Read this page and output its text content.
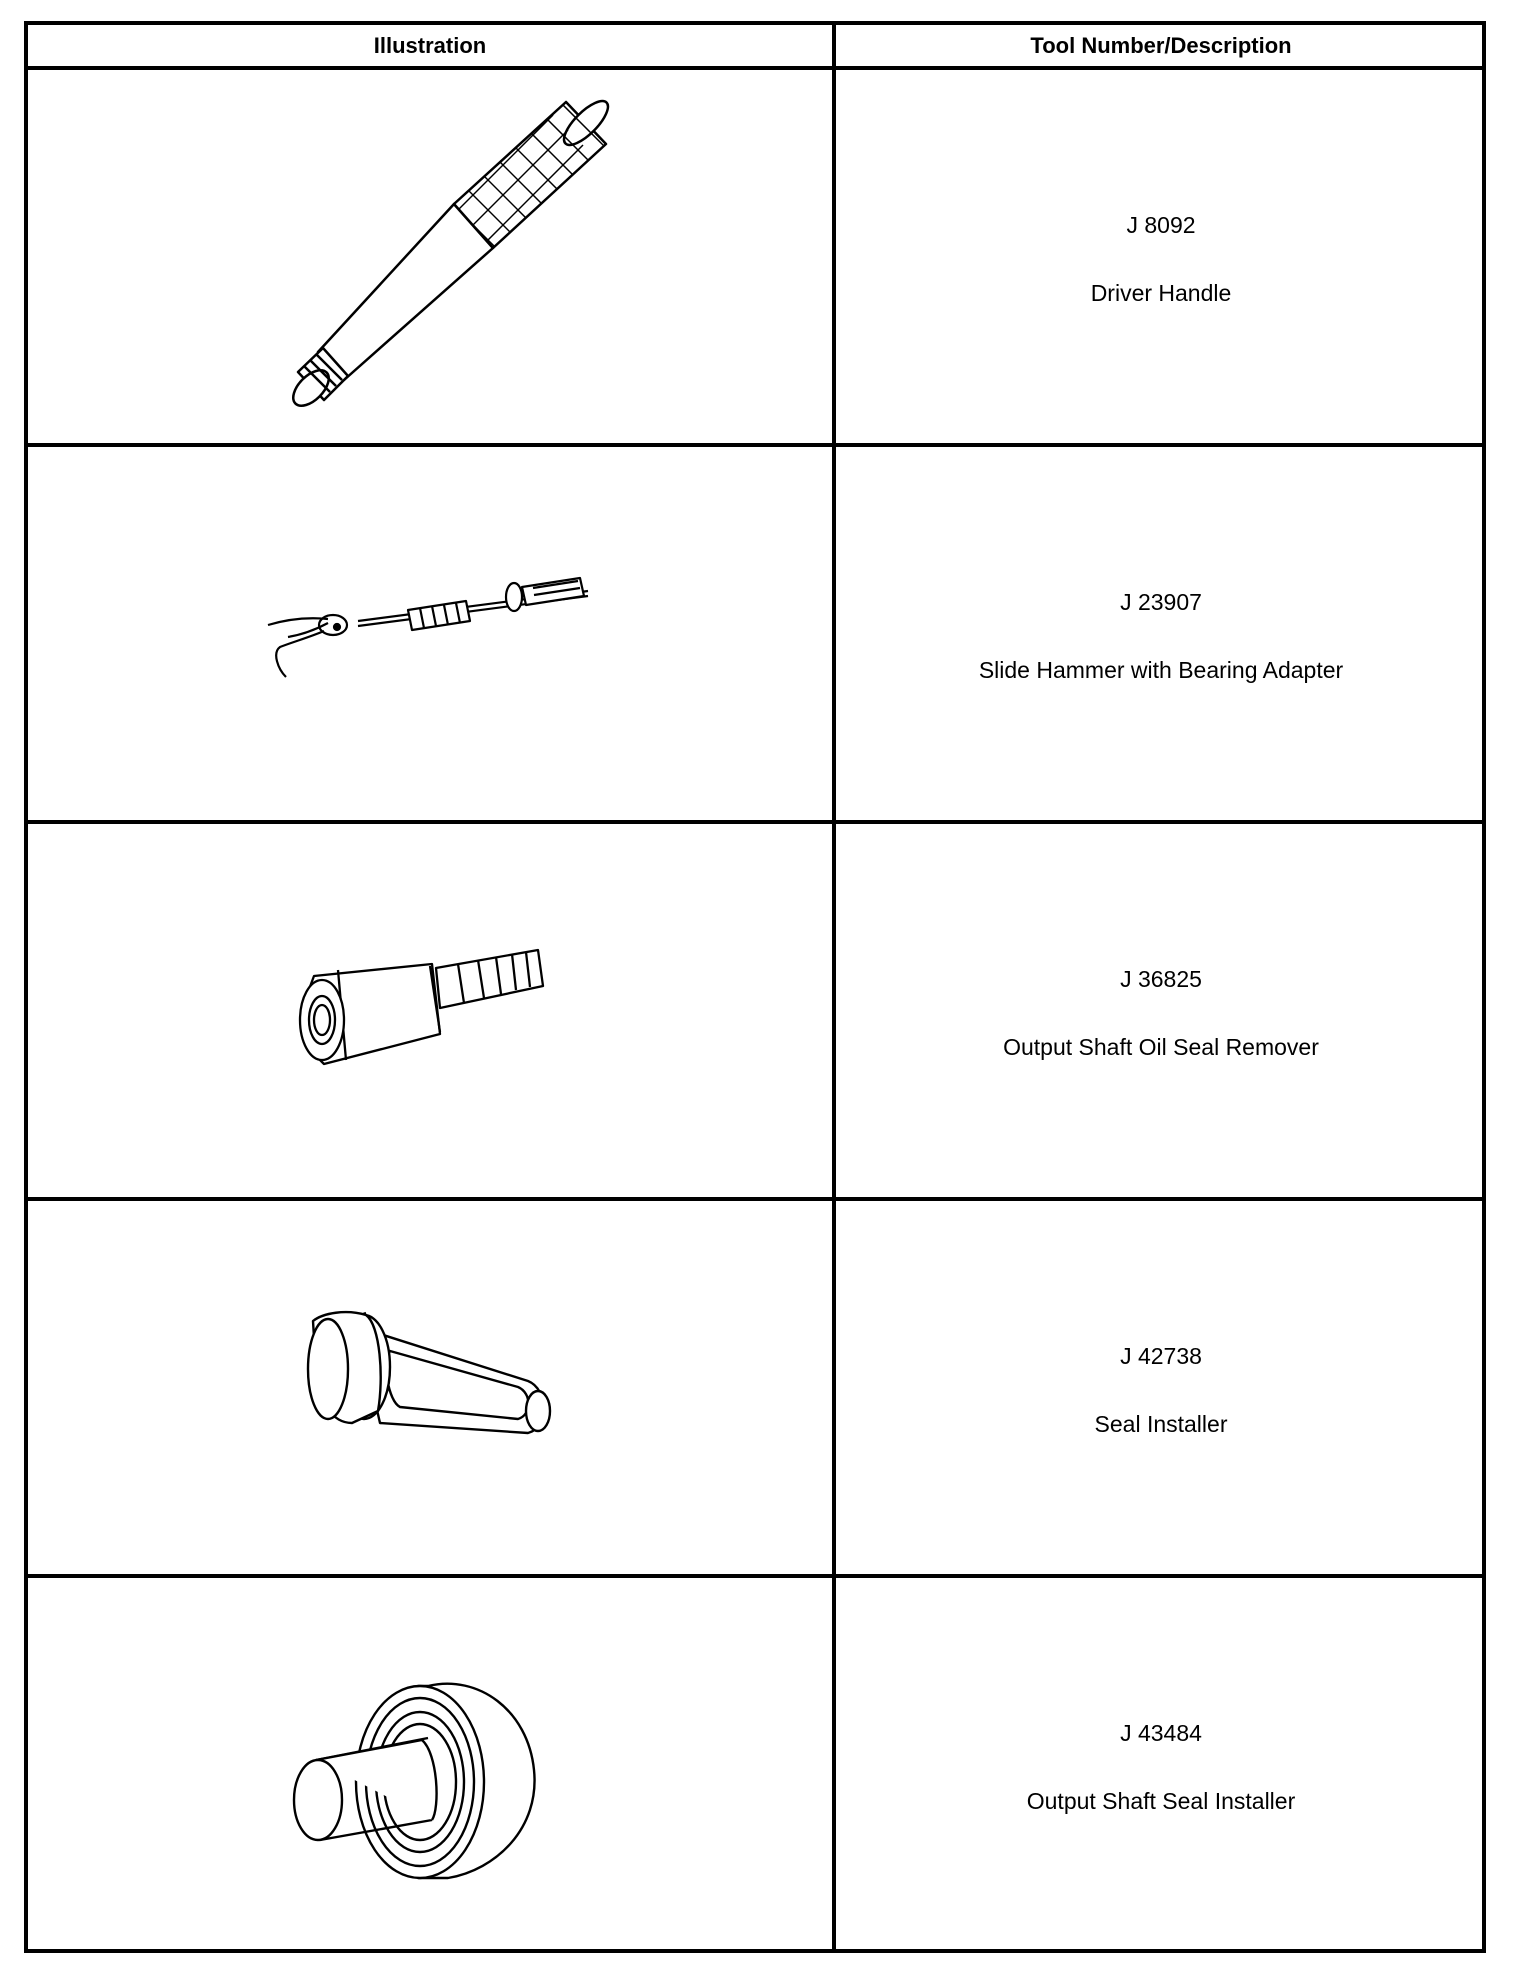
Illustration	Tool Number/Description
J 8092
Driver Handle
J 23907
Slide Hammer with Bearing Adapter
J 36825
Output Shaft Oil Seal Remover
J 42738
Seal Installer
J 43484
Output Shaft Seal Installer
